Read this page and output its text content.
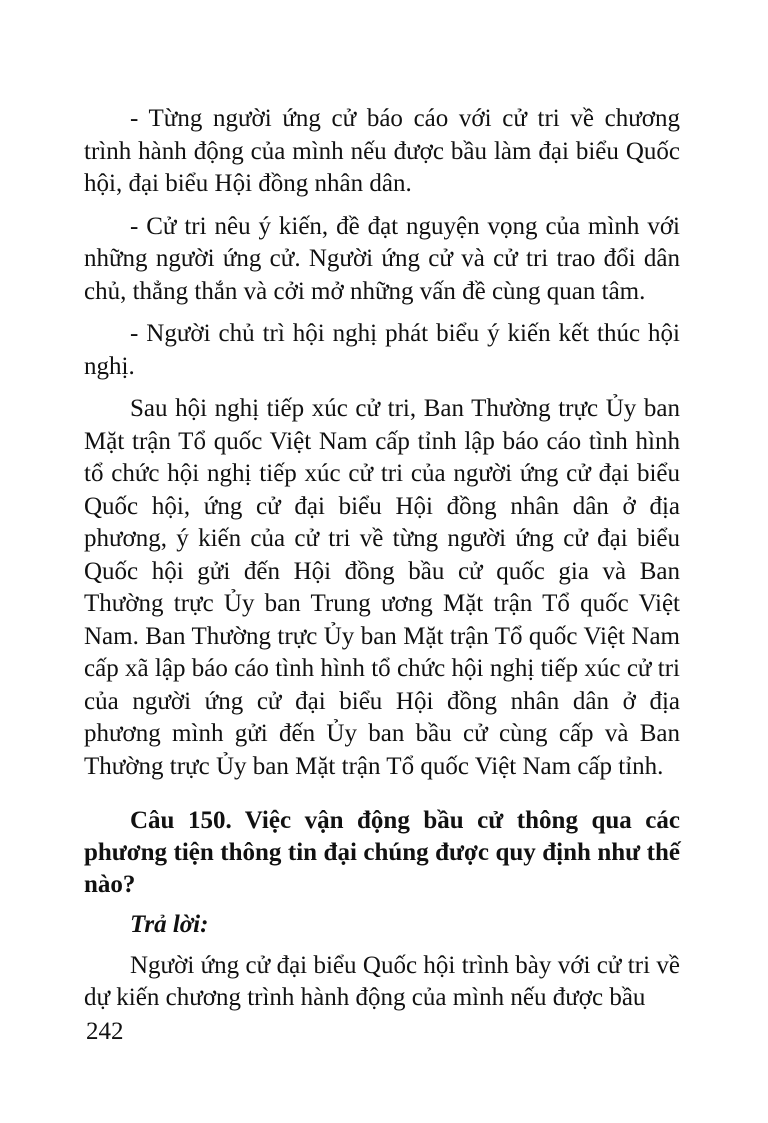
- Từng người ứng cử báo cáo với cử tri về chương trình hành động của mình nếu được bầu làm đại biểu Quốc hội, đại biểu Hội đồng nhân dân.

- Cử tri nêu ý kiến, đề đạt nguyện vọng của mình với những người ứng cử. Người ứng cử và cử tri trao đổi dân chủ, thẳng thắn và cởi mở những vấn đề cùng quan tâm.

- Người chủ trì hội nghị phát biểu ý kiến kết thúc hội nghị.

Sau hội nghị tiếp xúc cử tri, Ban Thường trực Ủy ban Mặt trận Tổ quốc Việt Nam cấp tỉnh lập báo cáo tình hình tổ chức hội nghị tiếp xúc cử tri của người ứng cử đại biểu Quốc hội, ứng cử đại biểu Hội đồng nhân dân ở địa phương, ý kiến của cử tri về từng người ứng cử đại biểu Quốc hội gửi đến Hội đồng bầu cử quốc gia và Ban Thường trực Ủy ban Trung ương Mặt trận Tổ quốc Việt Nam. Ban Thường trực Ủy ban Mặt trận Tổ quốc Việt Nam cấp xã lập báo cáo tình hình tổ chức hội nghị tiếp xúc cử tri của người ứng cử đại biểu Hội đồng nhân dân ở địa phương mình gửi đến Ủy ban bầu cử cùng cấp và Ban Thường trực Ủy ban Mặt trận Tổ quốc Việt Nam cấp tỉnh.

Câu 150. Việc vận động bầu cử thông qua các phương tiện thông tin đại chúng được quy định như thế nào?

Trả lời:

Người ứng cử đại biểu Quốc hội trình bày với cử tri về dự kiến chương trình hành động của mình nếu được bầu

242
